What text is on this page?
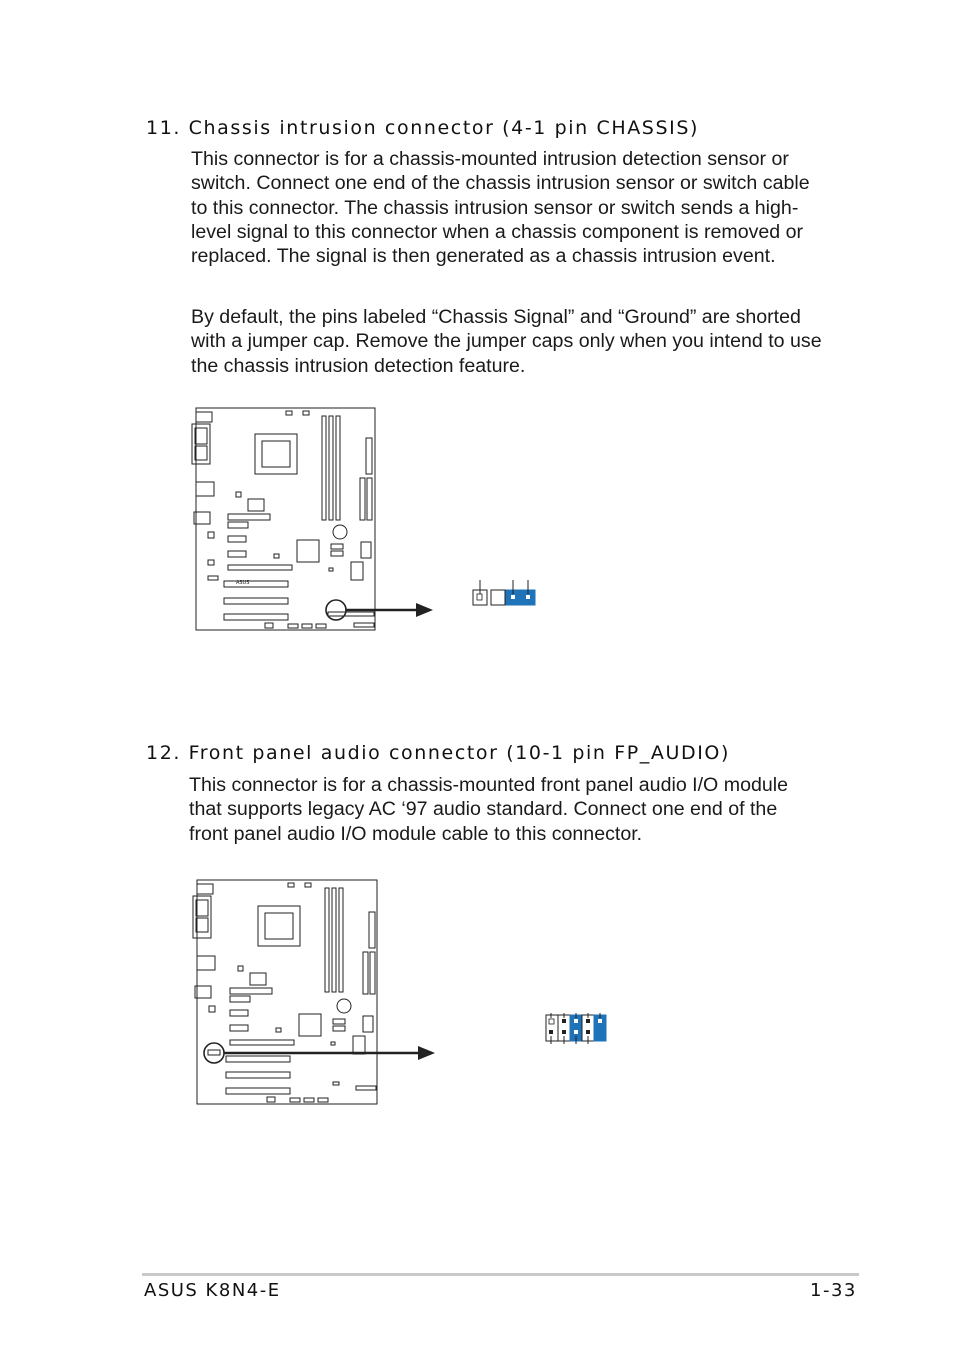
11. Chassis intrusion connector (4-1 pin CHASSIS)

This connector is for a chassis-mounted intrusion detection sensor or switch. Connect one end of the chassis intrusion sensor or switch cable to this connector. The chassis intrusion sensor or switch sends a high-level signal to this connector when a chassis component is removed or replaced. The signal is then generated as a chassis intrusion event.

By default, the pins labeled “Chassis Signal” and “Ground” are shorted with a jumper cap. Remove the jumper caps only when you intend to use the chassis intrusion detection feature.

ASUS
12. Front panel audio connector (10-1 pin FP_AUDIO)

This connector is for a chassis-mounted front panel audio I/O module that supports legacy AC ‘97 audio standard. Connect one end of the front panel audio I/O module cable to this connector.

ASUS K8N4-E	1-33
